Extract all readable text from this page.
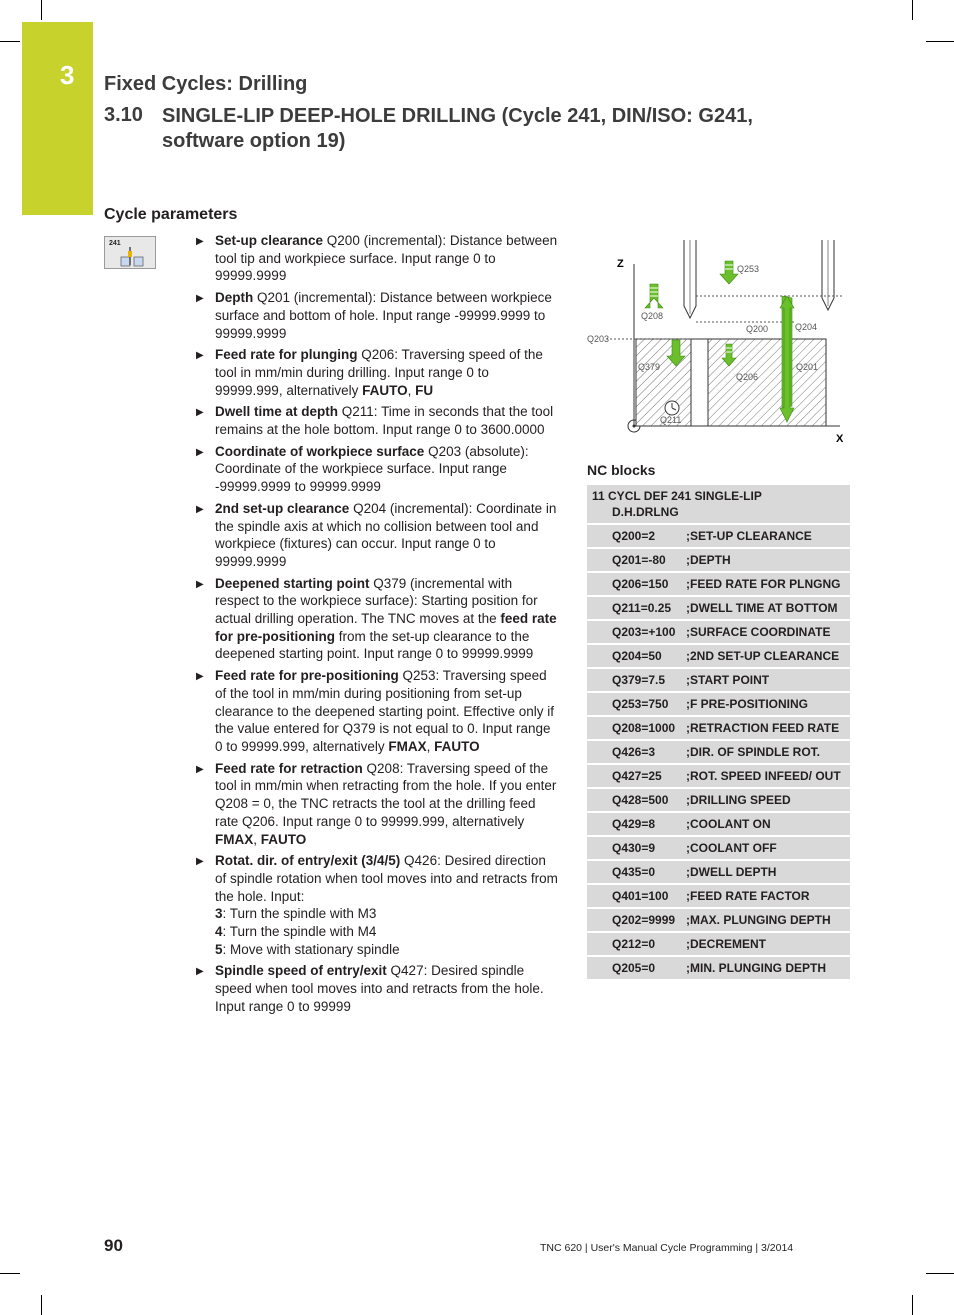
3 Fixed Cycles: Drilling
3.10 SINGLE-LIP DEEP-HOLE DRILLING (Cycle 241, DIN/ISO: G241, software option 19)
Cycle parameters
241	▶ Set-up clearance Q200 (incremental): Distance between tool tip and workpiece surface. Input range 0 to 99999.9999
▶ Depth Q201 (incremental): Distance between workpiece surface and bottom of hole. Input range -99999.9999 to 99999.9999
▶ Feed rate for plunging Q206: Traversing speed of the tool in mm/min during drilling. Input range 0 to 99999.999, alternatively FAUTO, FU
▶ Dwell time at depth Q211: Time in seconds that the tool remains at the hole bottom. Input range 0 to 3600.0000
▶ Coordinate of workpiece surface Q203 (absolute): Coordinate of the workpiece surface. Input range -99999.9999 to 99999.9999
▶ 2nd set-up clearance Q204 (incremental): Coordinate in the spindle axis at which no collision between tool and workpiece (fixtures) can occur. Input range 0 to 99999.9999
▶ Deepened starting point Q379 (incremental with respect to the workpiece surface): Starting position for actual drilling operation. The TNC moves at the feed rate for pre-positioning from the set-up clearance to the deepened starting point. Input range 0 to 99999.9999
▶ Feed rate for pre-positioning Q253: Traversing speed of the tool in mm/min during positioning from set-up clearance to the deepened starting point. Effective only if the value entered for Q379 is not equal to 0. Input range 0 to 99999.999, alternatively FMAX, FAUTO
▶ Feed rate for retraction Q208: Traversing speed of the tool in mm/min when retracting from the hole. If you enter Q208 = 0, the TNC retracts the tool at the drilling feed rate Q206. Input range 0 to 99999.999, alternatively FMAX, FAUTO
▶ Rotat. dir. of entry/exit (3/4/5) Q426: Desired direction of spindle rotation when tool moves into and retracts from the hole. Input:
3: Turn the spindle with M3
4: Turn the spindle with M4
5: Move with stationary spindle
▶ Spindle speed of entry/exit Q427: Desired spindle speed when tool moves into and retracts from the hole. Input range 0 to 99999
Z
X
Q253
Q208
Q200	Q204
Q203
Q379
Q206
Q201
Q211
NC blocks
11 CYCL DEF 241 SINGLE-LIP
D.H.DRLNG	

Q200=2	;SET-UP CLEARANCE
Q201=-80	;DEPTH
Q206=150	;FEED RATE FOR PLNGNG
Q211=0.25	;DWELL TIME AT BOTTOM
Q203=+100	;SURFACE COORDINATE
Q204=50	;2ND SET-UP CLEARANCE
Q379=7.5	;START POINT
Q253=750	;F PRE-POSITIONING
Q208=1000	;RETRACTION FEED RATE
Q426=3	;DIR. OF SPINDLE ROT.
Q427=25	;ROT. SPEED INFEED/ OUT
Q428=500	;DRILLING SPEED
Q429=8	;COOLANT ON
Q430=9	;COOLANT OFF
Q435=0	;DWELL DEPTH
Q401=100	;FEED RATE FACTOR
Q202=9999	;MAX. PLUNGING DEPTH
Q212=0	;DECREMENT
Q205=0	;MIN. PLUNGING DEPTH
90	TNC 620 | User's Manual Cycle Programming | 3/2014
